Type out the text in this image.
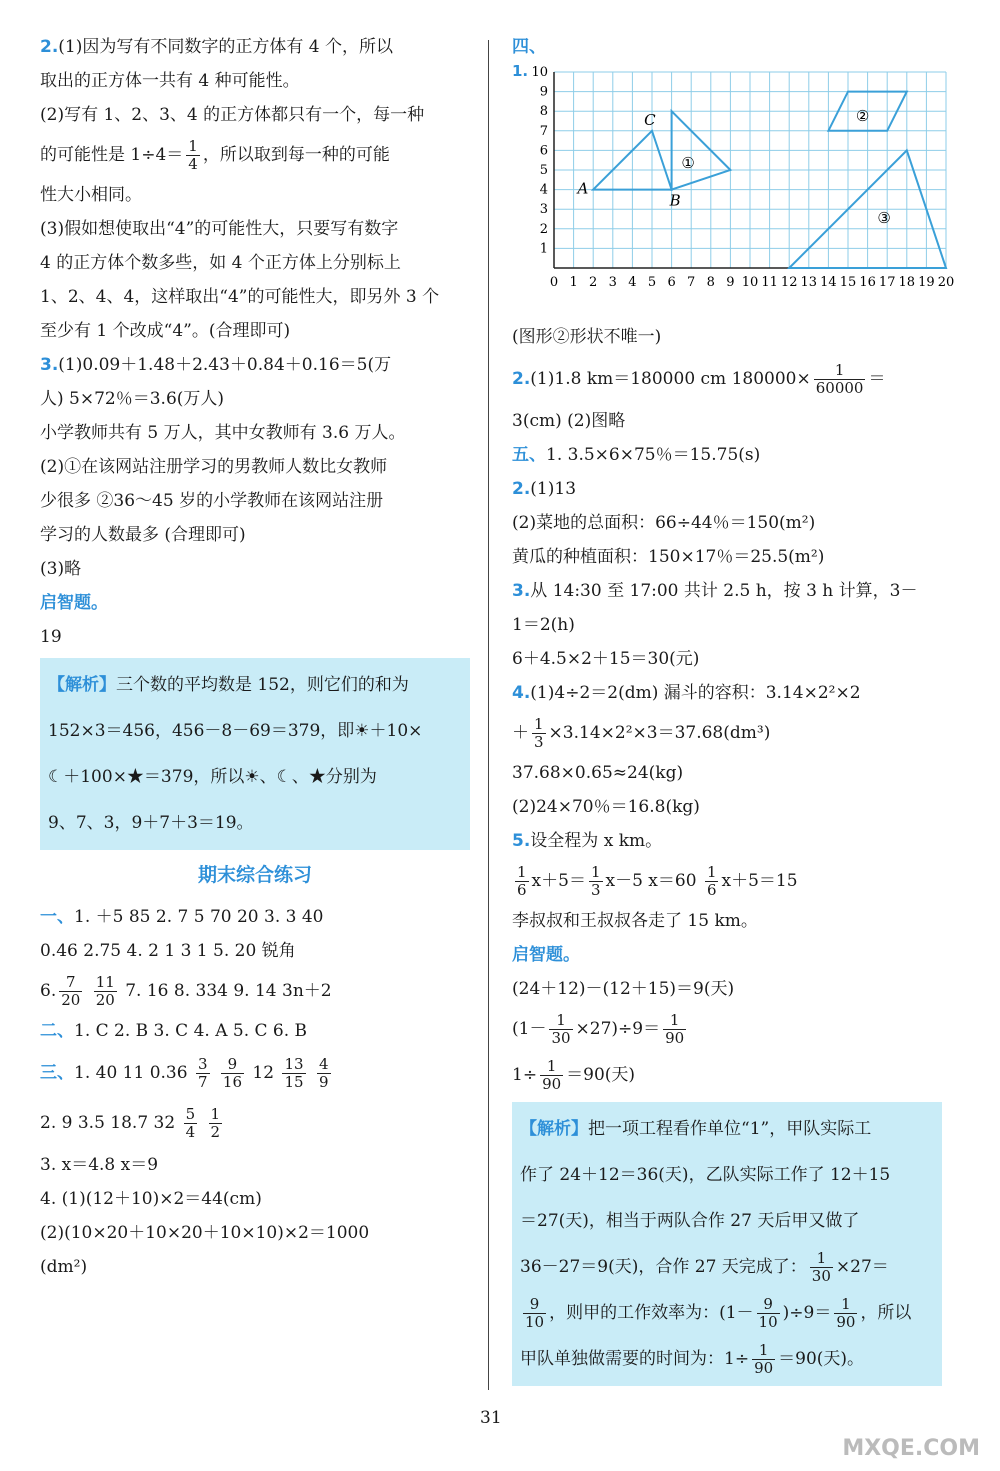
2.(1)因为写有不同数字的正方体有 4 个，所以
取出的正方体一共有 4 种可能性。
(2)写有 1、2、3、4 的正方体都只有一个，每一种
的可能性是 $1\div 4= \frac{1}{4}$ ，所以取到每一种的可能
性大小相同。
(3)假如想使取出“4”的可能性大，只要写有数字
4 的正方体个数多些，如 4 个正方体上分别标上
1、2、4、4，这样取出“4”的可能性大，即另外 3 个
至少有 1 个改成“4”。(合理即可)
3.(1)0.09＋1.48＋2.43＋0.84＋0.16＝5(万
人) 5×72％＝3.6(万人)
小学教师共有 5 万人，其中女教师有 3.6 万人。
(2)①在该网站注册学习的男教师人数比女教师
少很多 ②36～45 岁的小学教师在该网站注册
学习的人数最多 (合理即可)
(3)略
启智题。
19
【解析】三个数的平均数是 152，则它们的和为
152×3＝456，456－8－69＝379，即☀＋10×
☾＋100×★＝379，所以☀、☾、★分别为
9、7、3，9＋7＋3＝19。
期末综合练习
一、1. ＋5 85 2. 7 5 70 20 3. 3 40
0.46 2.75 4. 2 1 3 1 5. 20 锐角
6. $\frac{7}{20}$
$\frac{11}{20} 7$. 16 8. 334 9. 14 3n＋2
二、1. C 2. B 3. C 4. A 5. C 6. B
三、1. 40 11 $0.36 \frac{3}{7}$
$\frac{9}{16} 12 \frac{13}{15}$
$\frac{4}{9}$
2. 9 3.5 18.7 $32 \frac{5}{4}$
$\frac{1}{2}$
3. x＝4.8 x＝9
4. (1)(12＋10)×2＝44(cm)
(2)(10×20＋10×20＋10×10)×2＝1000
(dm²)
四、
0 1 2 3 4 5 6 7 8 9 10 11 12 13 14 15 16 17 18 19 20
10
9
8
7
6
5
4
3
2
1
A
B
C
①
②
③
1.
(图形②形状不唯一)
2.(1)1.8 km＝180000 cm $180000\times \frac{1}{60000}$ ＝
3(cm) (2)图略
五、1. 3.5×6×75％＝15.75(s)
2.(1)13
(2)菜地的总面积：66÷44％＝150(m²)
黄瓜的种植面积：150×17％＝25.5(m²)
3.从 14:30 至 17:00 共计 2.5 h，按 3 h 计算，3－
1＝2(h)
6＋4.5×2＋15＝30(元)
4.(1)4÷2＝2(dm) 漏斗的容积：3.14×2²×2
＋ $\frac{1}{3} \times 3.14\times 2^2\times 3=37.68(dm^3)$
37.68×0.65≈24(kg)
(2)24×70％＝16.8(kg)
5.设全程为 x km。
$\frac{1}{6} x+5= \frac{1}{3} x-5$ $x=60 \frac{1}{6} x+5=15$
李叔叔和王叔叔各走了 15 km。
启智题。
(24＋12)－(12＋15)＝9(天)
$(1- \frac{1}{30} \times 27)\div 9= \frac{1}{90}$
$1\div \frac{1}{90} =90$(天)
【解析】把一项工程看作单位“1”，甲队实际工
作了 24＋12＝36(天)，乙队实际工作了 12＋15
＝27(天)，相当于两队合作 27 天后甲又做了
36－27＝9(天)，合作 27 天完成了： $\frac{1}{30} \times 27=$
$\frac{9}{10}$ ，则甲的工作效率为：$(1- \frac{9}{10} )\div 9= \frac{1}{90}$ ，所以
甲队单独做需要的时间为：$1\div \frac{1}{90} =90$(天)。
31
MXQE.COM
